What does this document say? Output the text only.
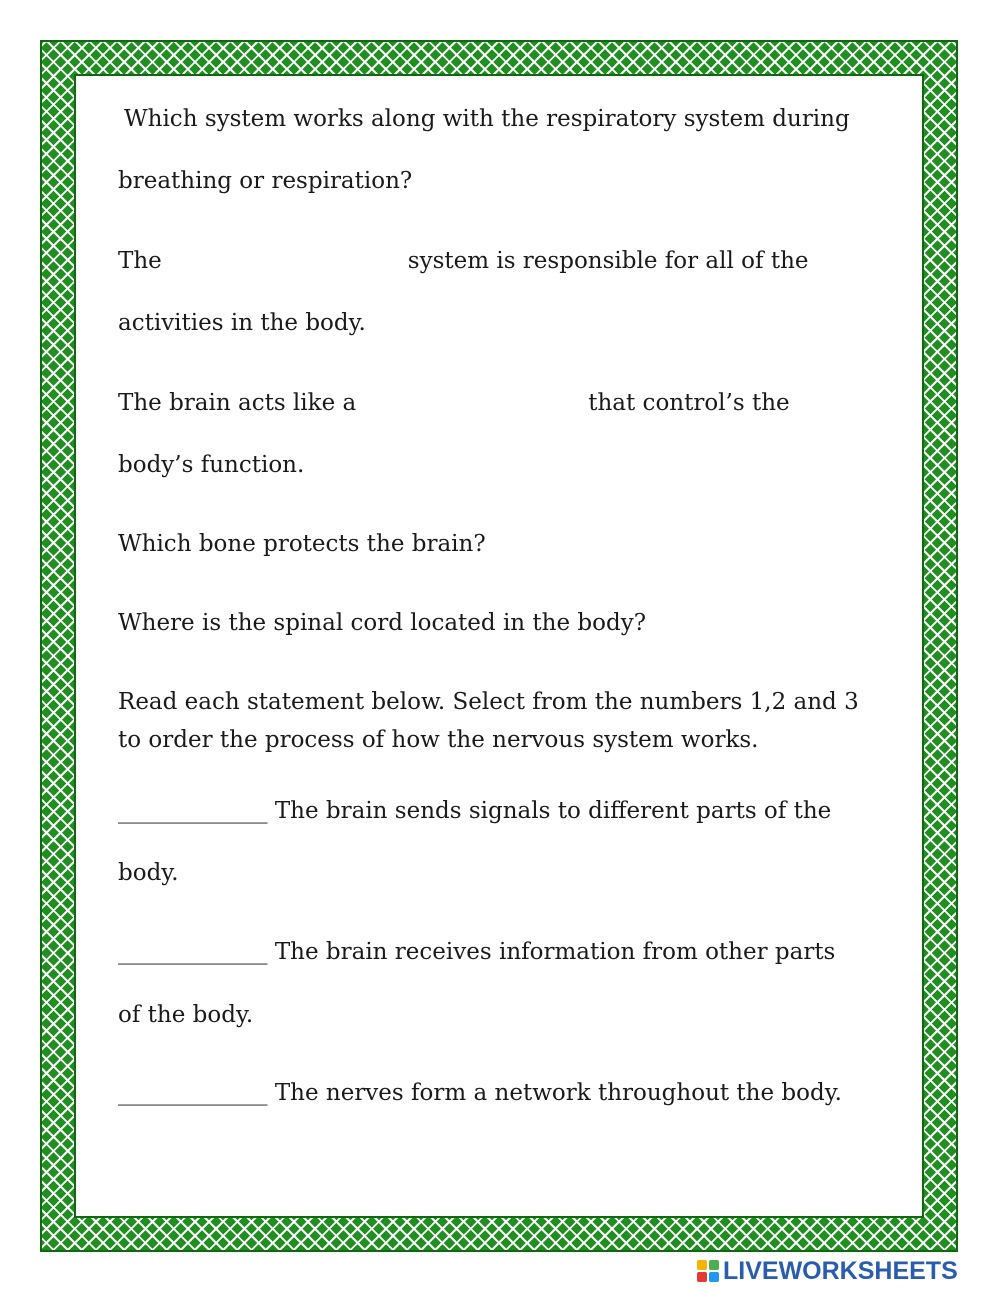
Which system works along with the respiratory system during
breathing or respiration?
The	system is responsible for all of the
activities in the body.
The brain acts like a	that control’s the
body’s function.
Which bone protects the brain?
Where is the spinal cord located in the body?
Read each statement below. Select from the numbers 1,2 and 3
to order the process of how the nervous system works.
_____________ The brain sends signals to different parts of the
body.
_____________ The brain receives information from other parts
of the body.
_____________ The nerves form a network throughout the body.
LIVEWORKSHEETS
